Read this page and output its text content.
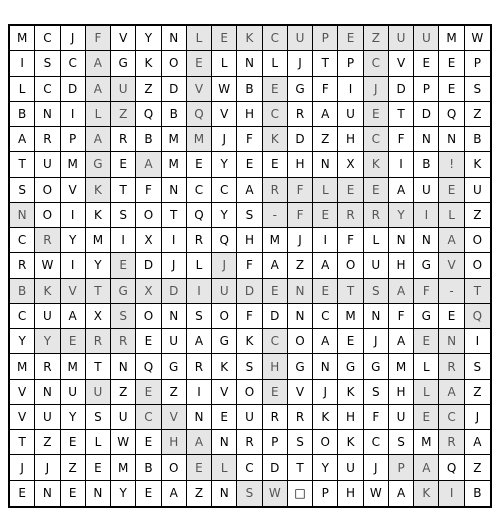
M	C	J	F	V	Y	N	L	E	K	C	U	P	E	Z	U	U	M	W
I	S	C	A	G	K	O	E	L	N	L	J	T	P	C	V	E	E	P
L	C	D	A	U	Z	D	V	W	B	E	G	F	I	J	D	P	E	S
B	N	I	L	Z	Q	B	Q	V	H	C	R	A	U	E	T	D	Q	Z
A	R	P	A	R	B	M	M	J	F	K	D	Z	H	C	F	N	N	B
T	U	M	G	E	A	M	E	Y	E	E	H	N	X	K	I	B	!	K
S	O	V	K	T	F	N	C	C	A	R	F	L	E	E	A	U	E	U
N	O	I	K	S	O	T	Q	Y	S	-	F	E	R	R	Y	I	L	Z
C	R	Y	M	I	X	I	R	Q	H	M	J	I	F	L	N	N	A	O
R	W	I	Y	E	D	J	L	J	F	A	Z	A	O	U	H	G	V	O
B	K	V	T	G	X	D	I	U	D	E	N	E	T	S	A	F	-	T
C	U	A	X	S	O	N	S	O	F	D	N	C	M	N	F	G	E	Q
Y	Y	E	R	R	E	U	A	G	K	C	O	A	E	J	A	E	N	I
M	R	M	T	N	Q	G	R	K	S	H	G	N	G	G	M	L	R	S
V	N	U	U	Z	E	Z	I	V	O	E	V	J	K	S	H	L	A	Z
V	U	Y	S	U	C	V	N	E	U	R	R	K	H	F	U	E	C	J
T	Z	E	L	W	E	H	A	N	R	P	S	O	K	C	S	M	R	A
J	J	Z	E	M	B	O	E	L	C	D	T	Y	U	J	P	A	Q	Z
E	N	E	N	Y	E	A	Z	N	S	W	□	P	H	W	A	K	I	B
